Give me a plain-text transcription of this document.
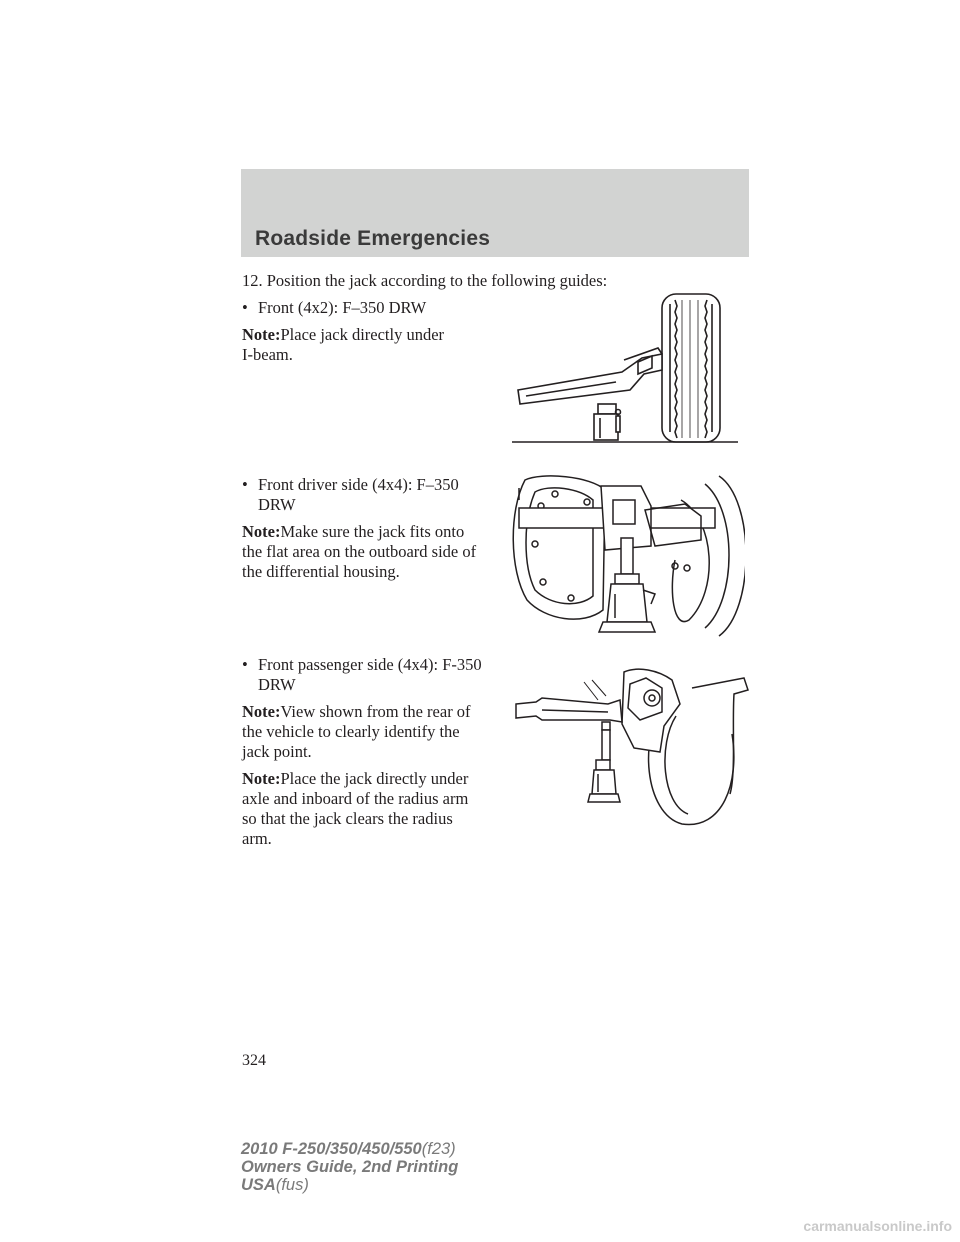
Roadside Emergencies
12. Position the jack according to the following guides:
• Front (4x2): F–350 DRW
Note:Place jack directly under
I-beam.
• Front driver side (4x4): F–350
DRW
Note:Make sure the jack fits onto
the flat area on the outboard side of
the differential housing.
• Front passenger side (4x4): F-350
DRW
Note:View shown from the rear of
the vehicle to clearly identify the
jack point.
Note:Place the jack directly under
axle and inboard of the radius arm
so that the jack clears the radius
arm.
324
2010 F-250/350/450/550(f23)
Owners Guide, 2nd Printing
USA(fus)
carmanualsonline.info
